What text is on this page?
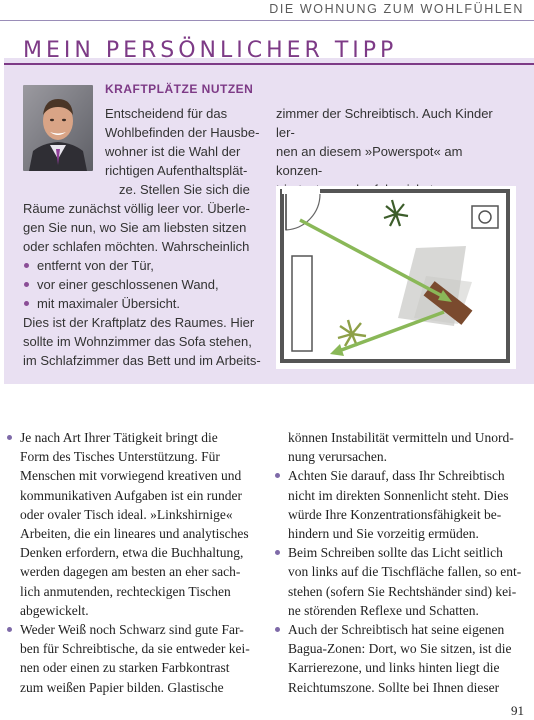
DIE WOHNUNG ZUM WOHLFÜHLEN
MEIN PERSÖNLICHER TIPP
KRAFTPLÄTZE NUTZEN

Entscheidend für das

Wohlbefinden der Hausbe-

wohner ist die Wahl der

richtigen Aufenthaltsplät-

ze. Stellen Sie sich die

Räume zunächst völlig leer vor. Überle-

gen Sie nun, wo Sie am liebsten sitzen

oder schlafen möchten. Wahrscheinlich

entfernt von der Tür,
vor einer geschlossenen Wand,
mit maximaler Übersicht.

Dies ist der Kraftplatz des Raumes. Hier

sollte im Wohnzimmer das Sofa stehen,

im Schlafzimmer das Bett und im Arbeits-

zimmer der Schreibtisch. Auch Kinder ler-

nen an diesem »Powerspot« am konzen-

Je nach Art Ihrer Tätigkeit bringt die
Form des Tisches Unterstützung. Für
Menschen mit vorwiegend kreativen und
kommunikativen Aufgaben ist ein runder
oder ovaler Tisch ideal. »Linkshirnige«
Arbeiten, die ein lineares und analytisches
Denken erfordern, etwa die Buchhaltung,
werden dagegen am besten an eher sach-
lich anmutenden, rechteckigen Tischen
abgewickelt.
Weder Weiß noch Schwarz sind gute Far-
ben für Schreibtische, da sie entweder kei-
nen oder einen zu starken Farbkontrast
zum weißen Papier bilden. Glastische
können Instabilität vermitteln und Unord-
nung verursachen.
Achten Sie darauf, dass Ihr Schreibtisch
nicht im direkten Sonnenlicht steht. Dies
würde Ihre Konzentrationsfähigkeit be-
hindern und Sie vorzeitig ermüden.
Beim Schreiben sollte das Licht seitlich
von links auf die Tischfläche fallen, so ent-
stehen (sofern Sie Rechtshänder sind) kei-
ne störenden Reflexe und Schatten.
Auch der Schreibtisch hat seine eigenen
Bagua-Zonen: Dort, wo Sie sitzen, ist die
Karrierezone, und links hinten liegt die
Reichtumszone. Sollte bei Ihnen dieser
91
